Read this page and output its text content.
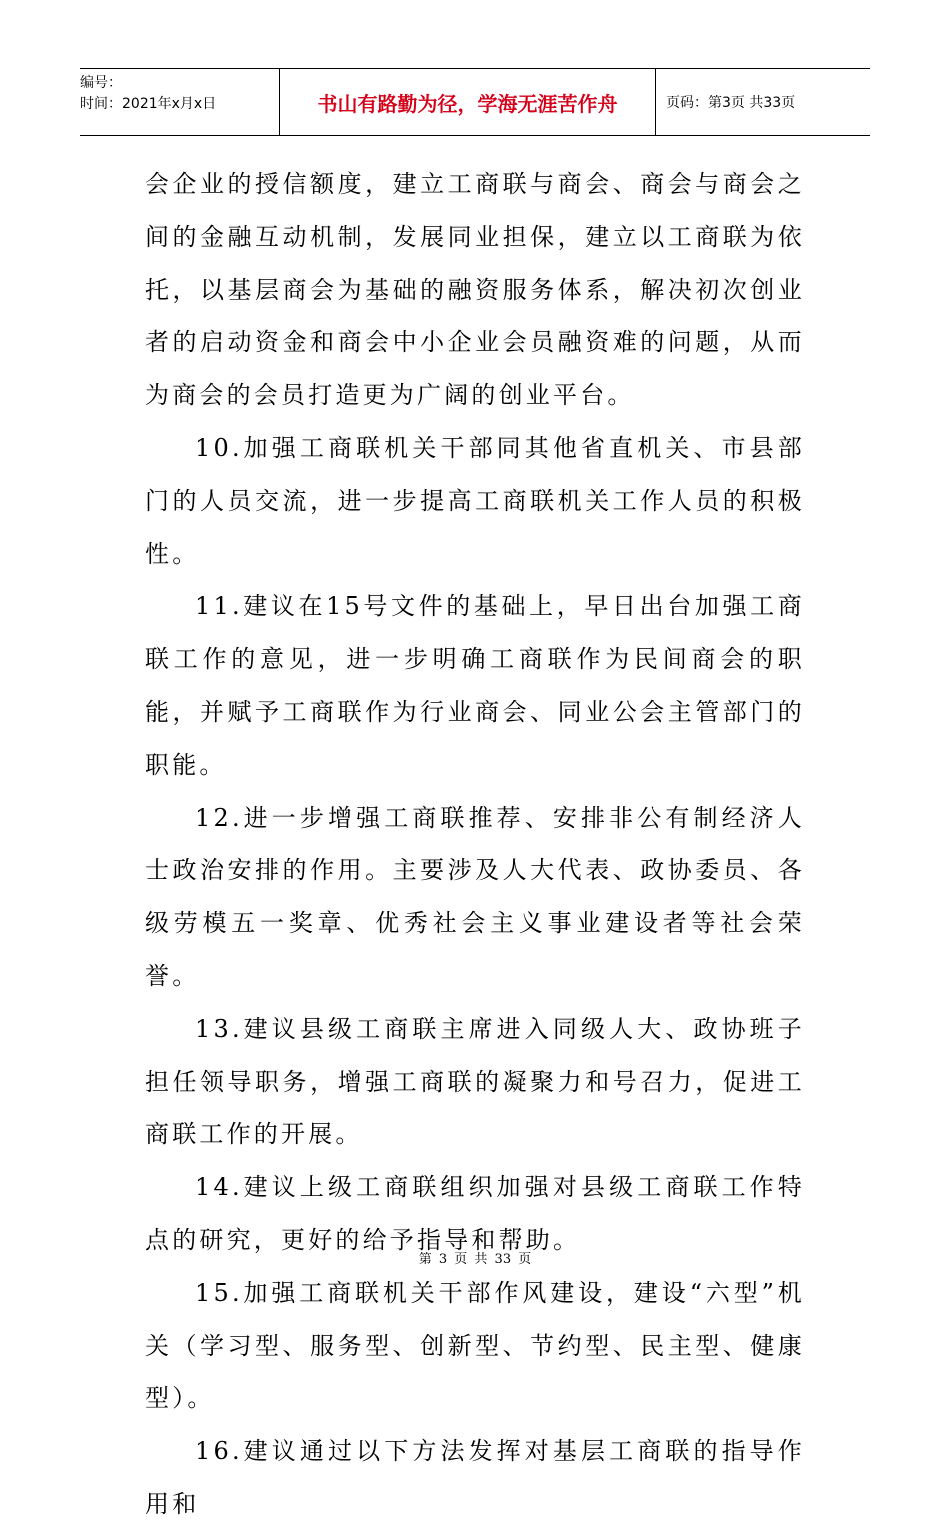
编号：
时间：2021年x月x日	书山有路勤为径，学海无涯苦作舟	页码：第3页 共33页

会企业的授信额度，建立工商联与商会、商会与商会之间的金融互动机制，发展同业担保，建立以工商联为依托，以基层商会为基础的融资服务体系，解决初次创业者的启动资金和商会中小企业会员融资难的问题，从而为商会的会员打造更为广阔的创业平台。

10.加强工商联机关干部同其他省直机关、市县部门的人员交流，进一步提高工商联机关工作人员的积极性。

11.建议在15号文件的基础上，早日出台加强工商联工作的意见，进一步明确工商联作为民间商会的职能，并赋予工商联作为行业商会、同业公会主管部门的职能。

12.进一步增强工商联推荐、安排非公有制经济人士政治安排的作用。主要涉及人大代表、政协委员、各级劳模五一奖章、优秀社会主义事业建设者等社会荣誉。

13.建议县级工商联主席进入同级人大、政协班子担任领导职务，增强工商联的凝聚力和号召力，促进工商联工作的开展。

14.建议上级工商联组织加强对县级工商联工作特点的研究，更好的给予指导和帮助。

15.加强工商联机关干部作风建设，建设“六型”机关（学习型、服务型、创新型、节约型、民主型、健康型）。

16.建议通过以下方法发挥对基层工商联的指导作用和

第 3 页 共 33 页
